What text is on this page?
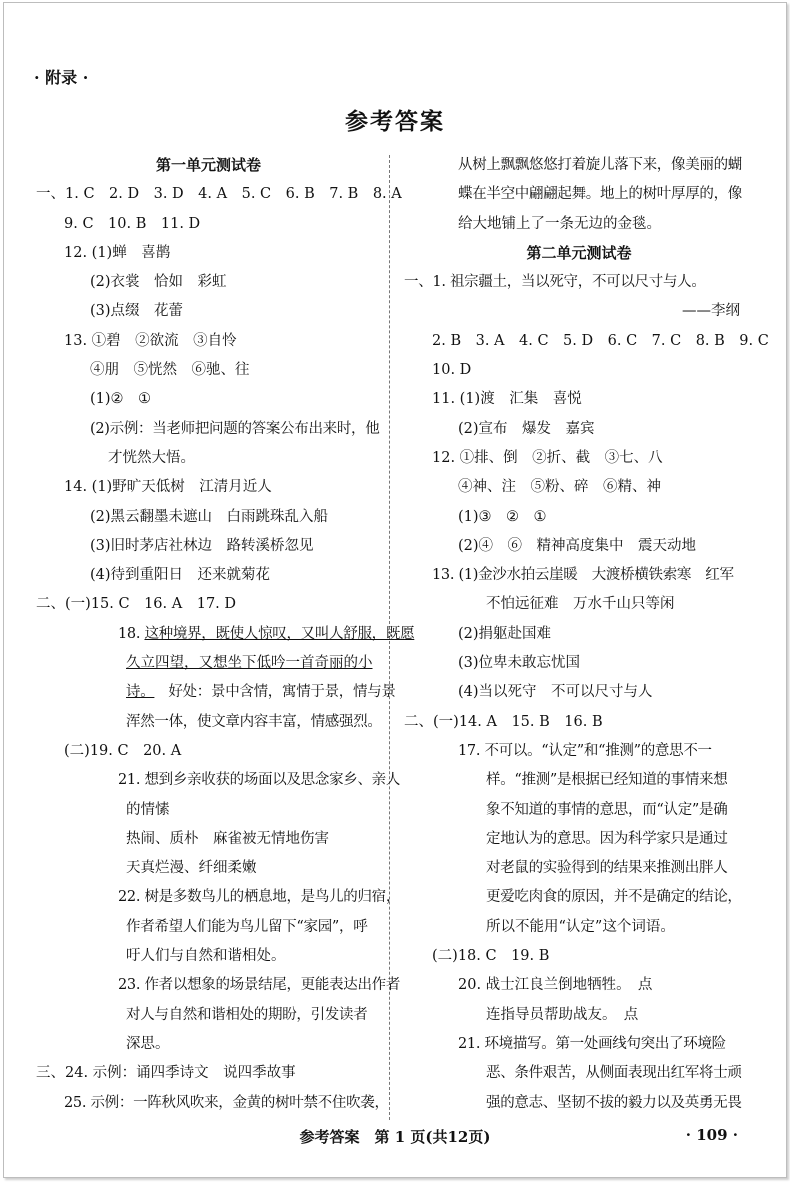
· 附录 ·
参考答案
第一单元测试卷
一、1. C　2. D　3. D　4. A　5. C　6. B　7. B　8. A
9. C　10. B　11. D
12. (1)蝉　喜鹊
(2)衣裳　恰如　彩虹
(3)点缀　花蕾
13. ①碧　②欲流　③自怜
④朋　⑤恍然　⑥驰、往
(1)②　①
(2)示例：当老师把问题的答案公布出来时，他
才恍然大悟。
14. (1)野旷天低树　江清月近人
(2)黑云翻墨未遮山　白雨跳珠乱入船
(3)旧时茅店社林边　路转溪桥忽见
(4)待到重阳日　还来就菊花
二、(一)15. C　16. A　17. D
18. 这种境界，既使人惊叹，又叫人舒服，既愿
久立四望，又想坐下低吟一首奇丽的小
诗。 好处：景中含情，寓情于景，情与景
浑然一体，使文章内容丰富，情感强烈。
(二)19. C　20. A
21. 想到乡亲收获的场面以及思念家乡、亲人
的情愫
热闹、质朴　麻雀被无情地伤害
天真烂漫、纤细柔嫩
22. 树是多数鸟儿的栖息地，是鸟儿的归宿，
作者希望人们能为鸟儿留下“家园”，呼
吁人们与自然和谐相处。
23. 作者以想象的场景结尾，更能表达出作者
对人与自然和谐相处的期盼，引发读者
深思。
三、24. 示例：诵四季诗文　说四季故事
25. 示例：一阵秋风吹来，金黄的树叶禁不住吹袭，
从树上飘飘悠悠打着旋儿落下来，像美丽的蝴
蝶在半空中翩翩起舞。地上的树叶厚厚的，像
给大地铺上了一条无边的金毯。
第二单元测试卷
一、1. 祖宗疆土，当以死守，不可以尺寸与人。
——李纲
2. B　3. A　4. C　5. D　6. C　7. C　8. B　9. C
10. D
11. (1)渡　汇集　喜悦
(2)宣布　爆发　嘉宾
12. ①排、倒　②折、截　③七、八
④神、注　⑤粉、碎　⑥精、神
(1)③　②　①
(2)④　⑥　精神高度集中　震天动地
13. (1)金沙水拍云崖暖　大渡桥横铁索寒　红军
不怕远征难　万水千山只等闲
(2)捐躯赴国难
(3)位卑未敢忘忧国
(4)当以死守　不可以尺寸与人
二、(一)14. A　15. B　16. B
17. 不可以。“认定”和“推测”的意思不一
样。“推测”是根据已经知道的事情来想
象不知道的事情的意思，而“认定”是确
定地认为的意思。因为科学家只是通过
对老鼠的实验得到的结果来推测出胖人
更爱吃肉食的原因，并不是确定的结论，
所以不能用“认定”这个词语。
(二)18. C　19. B
20. 战士江良兰倒地牺牲。　点
连指导员帮助战友。　点
21. 环境描写。第一处画线句突出了环境险
恶、条件艰苦，从侧面表现出红军将士顽
强的意志、坚韧不拔的毅力以及英勇无畏
参考答案　第 1 页(共12页)	· 109 ·
